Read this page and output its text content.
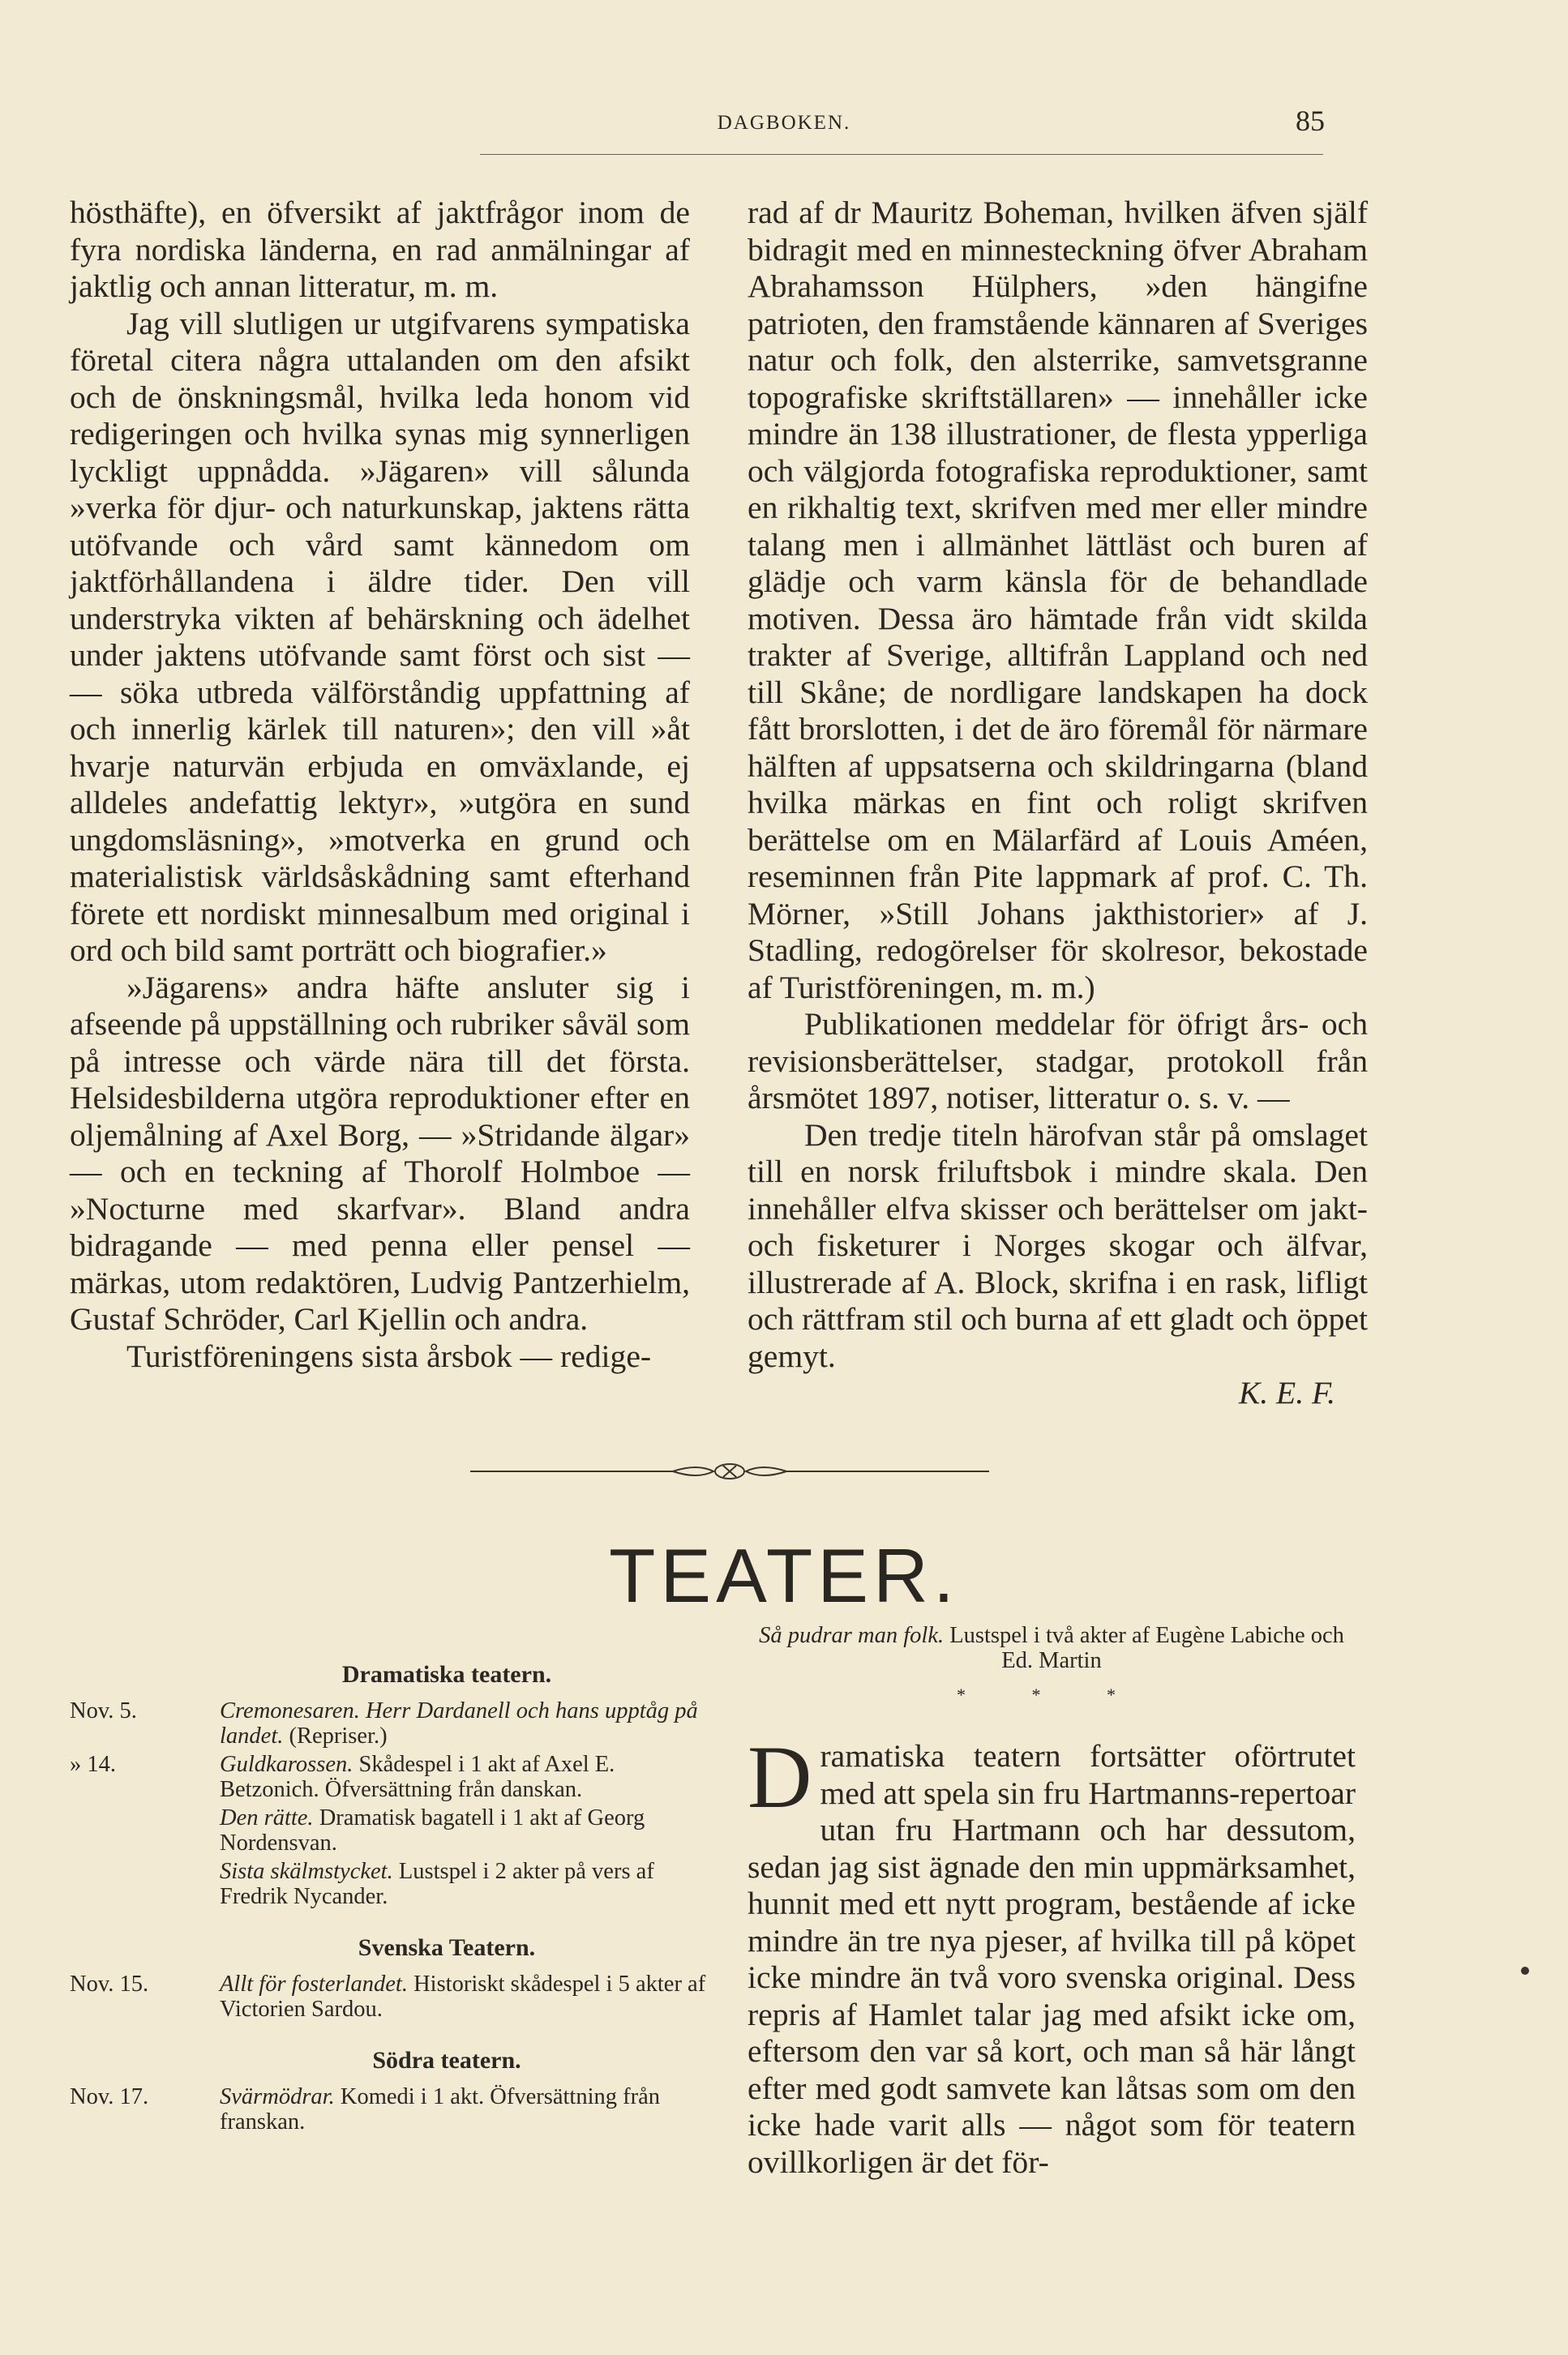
DAGBOKEN.	85

hösthäfte), en öfversikt af jaktfrågor inom de fyra nordiska länderna, en rad anmälningar af jaktlig och annan litteratur, m. m.

Jag vill slutligen ur utgifvarens sympatiska företal citera några uttalanden om den afsikt och de önskningsmål, hvilka leda honom vid redigeringen och hvilka synas mig synnerligen lyckligt uppnådda. »Jägaren» vill sålunda »verka för djur- och naturkunskap, jaktens rätta utöfvande och vård samt kännedom om jaktförhållandena i äldre tider. Den vill understryka vikten af behärskning och ädelhet under jaktens utöfvande samt först och sist — — söka utbreda välförståndig uppfattning af och innerlig kärlek till naturen»; den vill »åt hvarje naturvän erbjuda en omväxlande, ej alldeles andefattig lektyr», »utgöra en sund ungdomsläsning», »motverka en grund och materialistisk världsåskådning samt efterhand förete ett nordiskt minnesalbum med original i ord och bild samt porträtt och biografier.»

»Jägarens» andra häfte ansluter sig i afseende på uppställning och rubriker såväl som på intresse och värde nära till det första. Helsidesbilderna utgöra reproduktioner efter en oljemålning af Axel Borg, — »Stridande älgar» — och en teckning af Thorolf Holmboe — »Nocturne med skarfvar». Bland andra bidragande — med penna eller pensel — märkas, utom redaktören, Ludvig Pantzerhielm, Gustaf Schröder, Carl Kjellin och andra.

Turistföreningens sista årsbok — redige-

rad af dr Mauritz Boheman, hvilken äfven själf bidragit med en minnesteckning öfver Abraham Abrahamsson Hülphers, »den hängifne patrioten, den framstående kännaren af Sveriges natur och folk, den alsterrike, samvetsgranne topografiske skriftställaren» — innehåller icke mindre än 138 illustrationer, de flesta ypperliga och välgjorda fotografiska reproduktioner, samt en rikhaltig text, skrifven med mer eller mindre talang men i allmänhet lättläst och buren af glädje och varm känsla för de behandlade motiven. Dessa äro hämtade från vidt skilda trakter af Sverige, alltifrån Lappland och ned till Skåne; de nordligare landskapen ha dock fått brorslotten, i det de äro föremål för närmare hälften af uppsatserna och skildringarna (bland hvilka märkas en fint och roligt skrifven berättelse om en Mälarfärd af Louis Améen, reseminnen från Pite lappmark af prof. C. Th. Mörner, »Still Johans jakthistorier» af J. Stadling, redogörelser för skolresor, bekostade af Turistföreningen, m. m.)

Publikationen meddelar för öfrigt års- och revisionsberättelser, stadgar, protokoll från årsmötet 1897, notiser, litteratur o. s. v. —

Den tredje titeln härofvan står på omslaget till en norsk friluftsbok i mindre skala. Den innehåller elfva skisser och berättelser om jakt- och fisketurer i Norges skogar och älfvar, illustrerade af A. Block, skrifna i en rask, lifligt och rättfram stil och burna af ett gladt och öppet gemyt.

K. E. F.

TEATER.
Dramatiska teatern.
Nov. 5.	Cremonesaren. Herr Dardanell och hans upptåg på landet. (Repriser.)
» 14.	Guldkarossen. Skådespel i 1 akt af Axel E. Betzonich. Öfversättning från danskan.
Den rätte. Dramatisk bagatell i 1 akt af Georg Nordensvan.
Sista skälmstycket. Lustspel i 2 akter på vers af Fredrik Nycander.
Svenska Teatern.
Nov. 15.	Allt för fosterlandet. Historiskt skådespel i 5 akter af Victorien Sardou.
Södra teatern.
Nov. 17.	Svärmödrar. Komedi i 1 akt. Öfversättning från franskan.
Så pudrar man folk. Lustspel i två akter af Eugène Labiche och Ed. Martin
* * *
D ramatiska teatern fortsätter oförtrutet med att spela sin fru Hartmanns-repertoar utan fru Hartmann och har dessutom, sedan jag sist ägnade den min uppmärksamhet, hunnit med ett nytt program, bestående af icke mindre än tre nya pjeser, af hvilka till på köpet icke mindre än två voro svenska original. Dess repris af Hamlet talar jag med afsikt icke om, eftersom den var så kort, och man så här långt efter med godt samvete kan låtsas som om den icke hade varit alls — något som för teatern ovillkorligen är det för-
